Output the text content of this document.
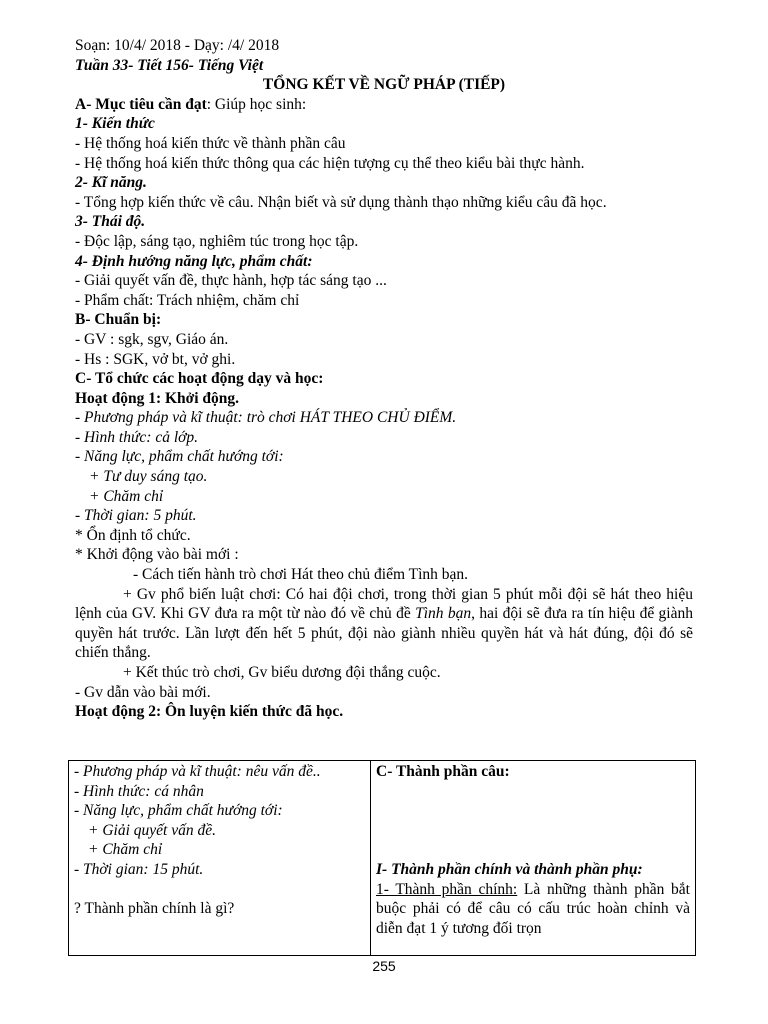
Soạn: 10/4/ 2018 - Dạy: /4/ 2018
Tuần 33- Tiết 156- Tiếng Việt
TỔNG KẾT VỀ NGỮ PHÁP (TIẾP)
A- Mục tiêu cần đạt: Giúp học sinh:
1- Kiến thức
- Hệ thống hoá kiến thức về thành phần câu
- Hệ thống hoá kiến thức thông qua các hiện tượng cụ thể theo kiểu bài thực hành.
2- Kĩ năng.
- Tổng hợp kiến thức về câu. Nhận biết và sử dụng thành thạo những kiểu câu đã học.
3- Thái độ.
- Độc lập, sáng tạo, nghiêm túc trong học tập.
4- Định hướng năng lực, phẩm chất:
- Giải quyết vấn đề, thực hành, hợp tác sáng tạo ...
- Phẩm chất: Trách nhiệm, chăm chỉ
B- Chuẩn bị:
- GV : sgk, sgv, Giáo án.
- Hs : SGK, vở bt, vở ghi.
C- Tổ chức các hoạt động dạy và học:
Hoạt động 1: Khởi động.
- Phương pháp và kĩ thuật: trò chơi HÁT THEO CHỦ ĐIỂM.
- Hình thức: cả lớp.
- Năng lực, phẩm chất hướng tới:
+ Tư duy sáng tạo.
+ Chăm chỉ
- Thời gian: 5 phút.
* Ổn định tổ chức.
* Khởi động vào bài mới :
- Cách tiến hành trò chơi Hát theo chủ điểm Tình bạn.
+ Gv phổ biến luật chơi: Có hai đội chơi, trong thời gian 5 phút mỗi đội sẽ hát theo hiệu lệnh của GV. Khi GV đưa ra một từ nào đó về chủ đề Tình bạn, hai đội sẽ đưa ra tín hiệu để giành quyền hát trước. Lần lượt đến hết 5 phút, đội nào giành nhiều quyền hát và hát đúng, đội đó sẽ chiến thắng.
+ Kết thúc trò chơi, Gv biểu dương đội thắng cuộc.
- Gv dẫn vào bài mới.
Hoạt động 2: Ôn luyện kiến thức đã học.
- Phương pháp và kĩ thuật: nêu vấn đề..
- Hình thức: cá nhân
- Năng lực, phẩm chất hướng tới:
+ Giải quyết vấn đề.
+ Chăm chỉ
- Thời gian: 15 phút.
? Thành phần chính là gì?
C- Thành phần câu:
I- Thành phần chính và thành phần phụ:
1- Thành phần chính: Là những thành phần bắt buộc phải có để câu có cấu trúc hoàn chỉnh và diễn đạt 1 ý tương đối trọn
255
